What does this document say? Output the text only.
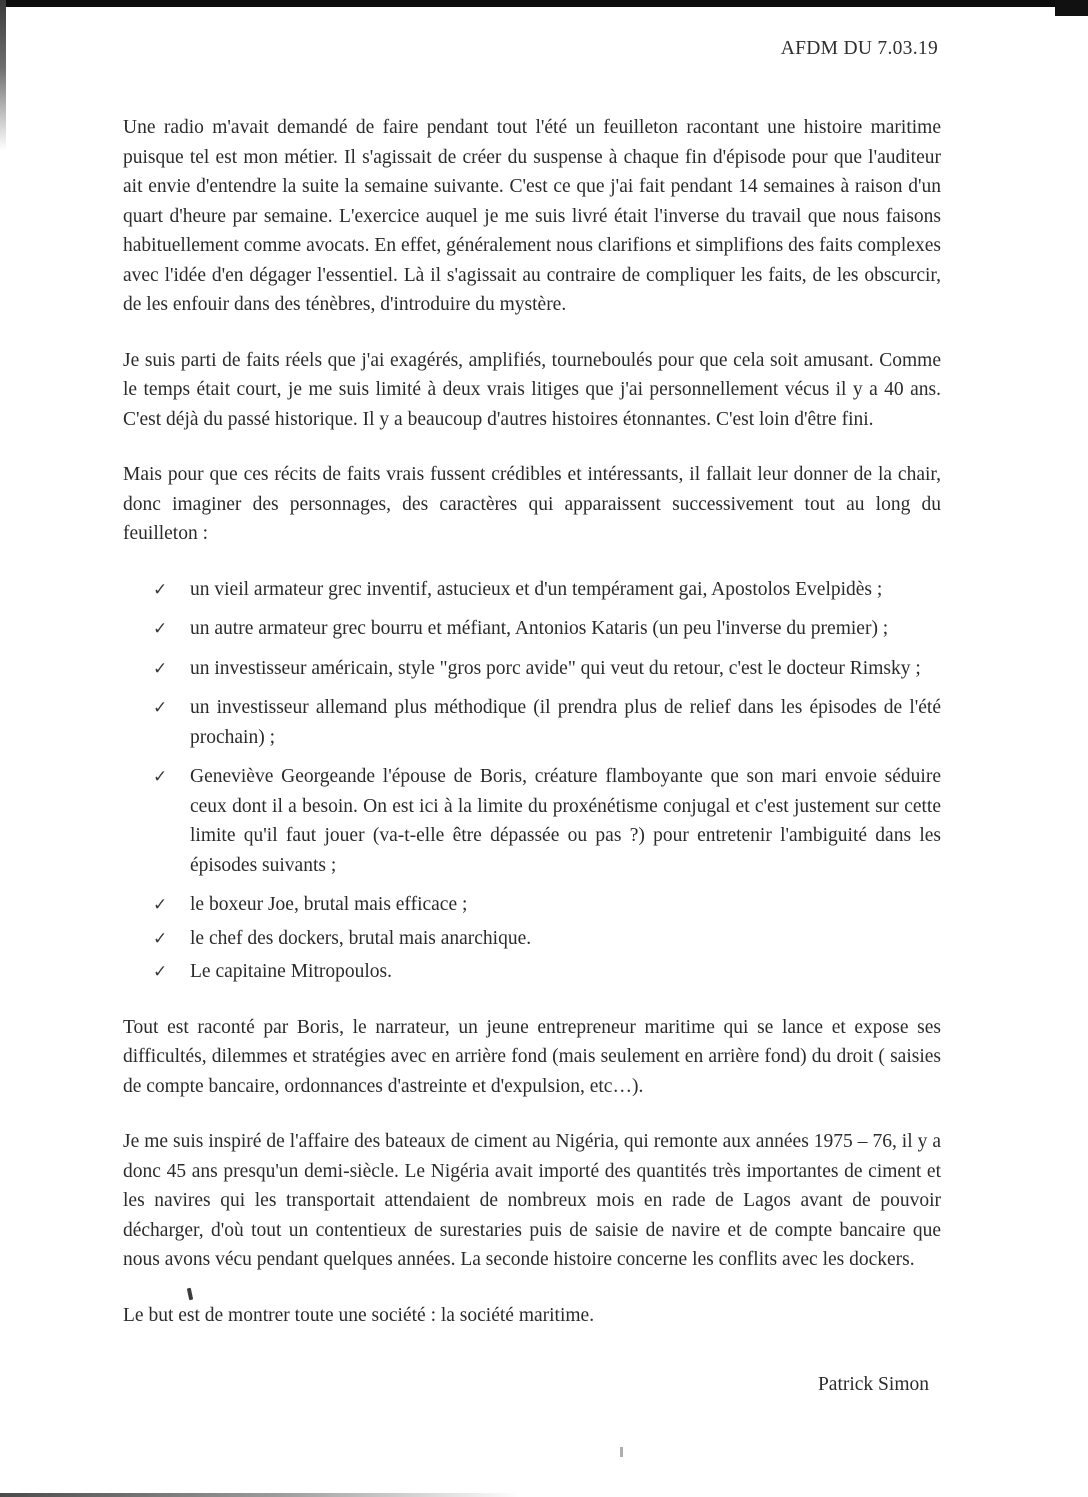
AFDM DU 7.03.19

Une radio m'avait demandé de faire pendant tout l'été un feuilleton racontant une histoire maritime puisque tel est mon métier. Il s'agissait de créer du suspense à chaque fin d'épisode pour que l'auditeur ait envie d'entendre la suite la semaine suivante. C'est ce que j'ai fait pendant 14 semaines à raison d'un quart d'heure par semaine. L'exercice auquel je me suis livré était l'inverse du travail que nous faisons habituellement comme avocats. En effet, généralement nous clarifions et simplifions des faits complexes avec l'idée d'en dégager l'essentiel. Là il s'agissait au contraire de compliquer les faits, de les obscurcir, de les enfouir dans des ténèbres, d'introduire du mystère.

Je suis parti de faits réels que j'ai exagérés, amplifiés, tourneboulés pour que cela soit amusant. Comme le temps était court, je me suis limité à deux vrais litiges que j'ai personnellement vécus il y a 40 ans. C'est déjà du passé historique. Il y a beaucoup d'autres histoires étonnantes. C'est loin d'être fini.

Mais pour que ces récits de faits vrais fussent crédibles et intéressants, il fallait leur donner de la chair, donc imaginer des personnages, des caractères qui apparaissent successivement tout au long du feuilleton :

✓ un vieil armateur grec inventif, astucieux et d'un tempérament gai, Apostolos Evelpidès ;
✓ un autre armateur grec bourru et méfiant, Antonios Kataris (un peu l'inverse du premier) ;
✓ un investisseur américain, style "gros porc avide" qui veut du retour, c'est le docteur Rimsky ;
✓ un investisseur allemand plus méthodique (il prendra plus de relief dans les épisodes de l'été prochain) ;
✓ Geneviève Georgeande l'épouse de Boris, créature flamboyante que son mari envoie séduire ceux dont il a besoin. On est ici à la limite du proxénétisme conjugal et c'est justement sur cette limite qu'il faut jouer (va-t-elle être dépassée ou pas ?) pour entretenir l'ambiguité dans les épisodes suivants ;
✓ le boxeur Joe, brutal mais efficace ;
✓ le chef des dockers, brutal mais anarchique.
✓ Le capitaine Mitropoulos.

Tout est raconté par Boris, le narrateur, un jeune entrepreneur maritime qui se lance et expose ses difficultés, dilemmes et stratégies avec en arrière fond (mais seulement en arrière fond) du droit ( saisies de compte bancaire, ordonnances d'astreinte et d'expulsion, etc…).

Je me suis inspiré de l'affaire des bateaux de ciment au Nigéria, qui remonte aux années 1975 – 76, il y a donc 45 ans presqu'un demi-siècle. Le Nigéria avait importé des quantités très importantes de ciment et les navires qui les transportait attendaient de nombreux mois en rade de Lagos avant de pouvoir décharger, d'où tout un contentieux de surestaries puis de saisie de navire et de compte bancaire que nous avons vécu pendant quelques années. La seconde histoire concerne les conflits avec les dockers.

Le but est de montrer toute une société : la société maritime.

Patrick Simon
